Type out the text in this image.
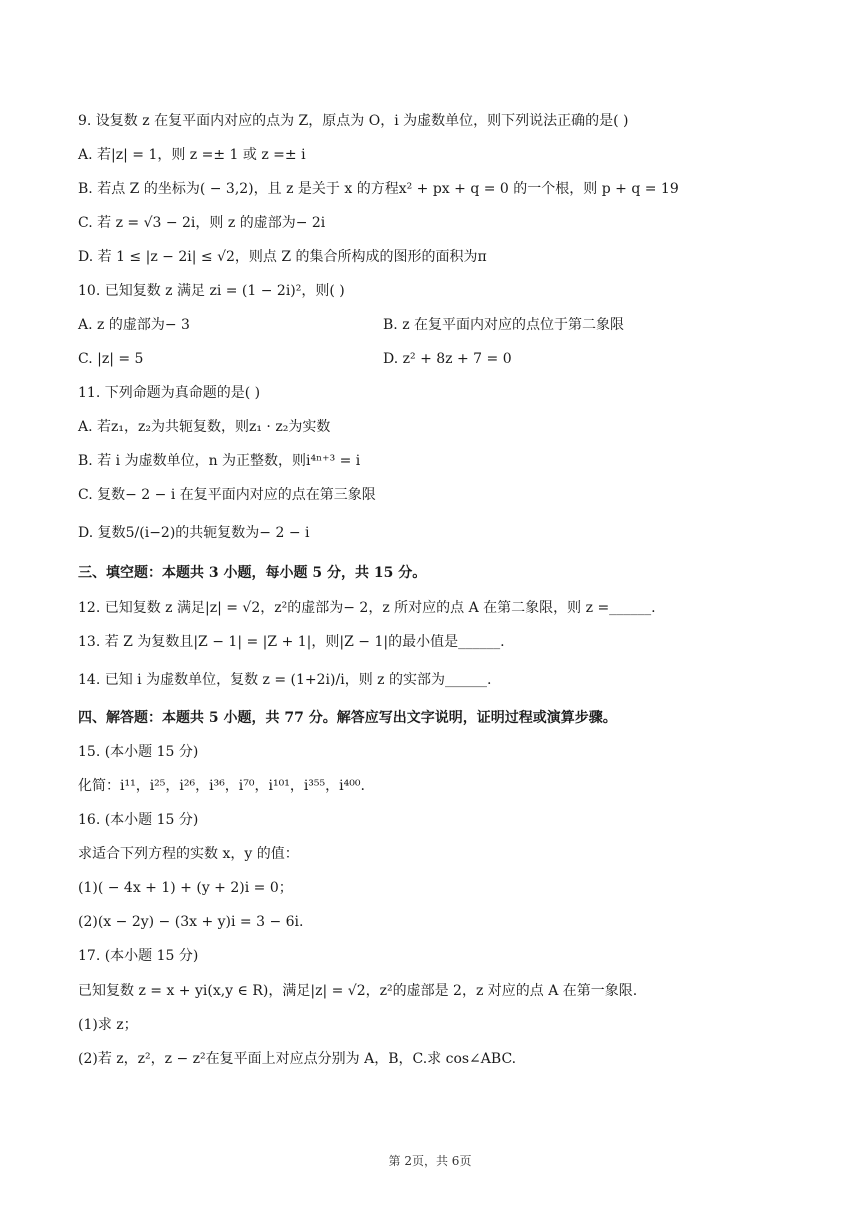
9. 设复数 z 在复平面内对应的点为 Z，原点为 O，i 为虚数单位，则下列说法正确的是( )
A. 若|z| = 1，则 z =± 1 或 z =± i
B. 若点 Z 的坐标为( − 3,2)，且 z 是关于 x 的方程x² + px + q = 0 的一个根，则 p + q = 19
C. 若 z = √3 − 2i，则 z 的虚部为− 2i
D. 若 1 ≤ |z − 2i| ≤ √2，则点 Z 的集合所构成的图形的面积为π
10. 已知复数 z 满足 zi = (1 − 2i)²，则( )
A. z 的虚部为− 3	B. z 在复平面内对应的点位于第二象限
C. |z| = 5	D. z² + 8z + 7 = 0
11. 下列命题为真命题的是( )
A. 若z₁，z₂为共轭复数，则z₁ · z₂为实数
B. 若 i 为虚数单位，n 为正整数，则i⁴ⁿ⁺³ = i
C. 复数− 2 − i 在复平面内对应的点在第三象限
D. 复数5/(i−2)的共轭复数为− 2 − i
三、填空题：本题共 3 小题，每小题 5 分，共 15 分。
12. 已知复数 z 满足|z| = √2，z²的虚部为− 2，z 所对应的点 A 在第二象限，则 z =______.
13. 若 Z 为复数且|Z − 1| = |Z + 1|，则|Z − 1|的最小值是______.
14. 已知 i 为虚数单位，复数 z = (1+2i)/i，则 z 的实部为______.
四、解答题：本题共 5 小题，共 77 分。解答应写出文字说明，证明过程或演算步骤。
15. (本小题 15 分)
化简：i¹¹，i²⁵，i²⁶，i³⁶，i⁷⁰，i¹⁰¹，i³⁵⁵，i⁴⁰⁰.
16. (本小题 15 分)
求适合下列方程的实数 x，y 的值：
(1)( − 4x + 1) + (y + 2)i = 0；
(2)(x − 2y) − (3x + y)i = 3 − 6i.
17. (本小题 15 分)
已知复数 z = x + yi(x,y ∈ R)，满足|z| = √2，z²的虚部是 2，z 对应的点 A 在第一象限.
(1)求 z；
(2)若 z，z²，z − z²在复平面上对应点分别为 A，B，C.求 cos∠ABC.
第 2页，共 6页
